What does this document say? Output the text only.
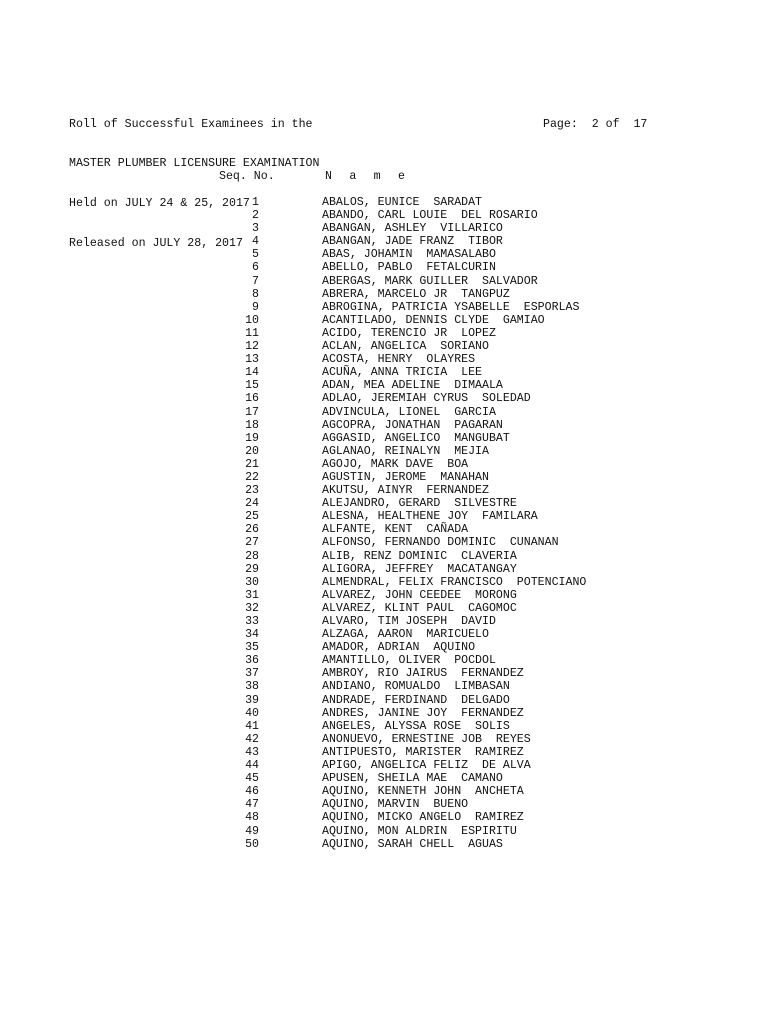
Roll of Successful Examinees in the

MASTER PLUMBER LICENSURE EXAMINATION

Held on JULY 24 & 25, 2017

Released on JULY 28, 2017

Page:  2 of  17
Seq. No.	N a m e
1	ABALOS, EUNICE  SARADAT
2	ABANDO, CARL LOUIE  DEL ROSARIO
3	ABANGAN, ASHLEY  VILLARICO
4	ABANGAN, JADE FRANZ  TIBOR
5	ABAS, JOHAMIN  MAMASALABO
6	ABELLO, PABLO  FETALCURIN
7	ABERGAS, MARK GUILLER  SALVADOR
8	ABRERA, MARCELO JR  TANGPUZ
9	ABROGINA, PATRICIA YSABELLE  ESPORLAS
10	ACANTILADO, DENNIS CLYDE  GAMIAO
11	ACIDO, TERENCIO JR  LOPEZ
12	ACLAN, ANGELICA  SORIANO
13	ACOSTA, HENRY  OLAYRES
14	ACUÑA, ANNA TRICIA  LEE
15	ADAN, MEA ADELINE  DIMAALA
16	ADLAO, JEREMIAH CYRUS  SOLEDAD
17	ADVINCULA, LIONEL  GARCIA
18	AGCOPRA, JONATHAN  PAGARAN
19	AGGASID, ANGELICO  MANGUBAT
20	AGLANAO, REINALYN  MEJIA
21	AGOJO, MARK DAVE  BOA
22	AGUSTIN, JEROME  MANAHAN
23	AKUTSU, AINYR  FERNANDEZ
24	ALEJANDRO, GERARD  SILVESTRE
25	ALESNA, HEALTHENE JOY  FAMILARA
26	ALFANTE, KENT  CAÑADA
27	ALFONSO, FERNANDO DOMINIC  CUNANAN
28	ALIB, RENZ DOMINIC  CLAVERIA
29	ALIGORA, JEFFREY  MACATANGAY
30	ALMENDRAL, FELIX FRANCISCO  POTENCIANO
31	ALVAREZ, JOHN CEEDEE  MORONG
32	ALVAREZ, KLINT PAUL  CAGOMOC
33	ALVARO, TIM JOSEPH  DAVID
34	ALZAGA, AARON  MARICUELO
35	AMADOR, ADRIAN  AQUINO
36	AMANTILLO, OLIVER  POCDOL
37	AMBROY, RIO JAIRUS  FERNANDEZ
38	ANDIANO, ROMUALDO  LIMBASAN
39	ANDRADE, FERDINAND  DELGADO
40	ANDRES, JANINE JOY  FERNANDEZ
41	ANGELES, ALYSSA ROSE  SOLIS
42	ANONUEVO, ERNESTINE JOB  REYES
43	ANTIPUESTO, MARISTER  RAMIREZ
44	APIGO, ANGELICA FELIZ  DE ALVA
45	APUSEN, SHEILA MAE  CAMANO
46	AQUINO, KENNETH JOHN  ANCHETA
47	AQUINO, MARVIN  BUENO
48	AQUINO, MICKO ANGELO  RAMIREZ
49	AQUINO, MON ALDRIN  ESPIRITU
50	AQUINO, SARAH CHELL  AGUAS
